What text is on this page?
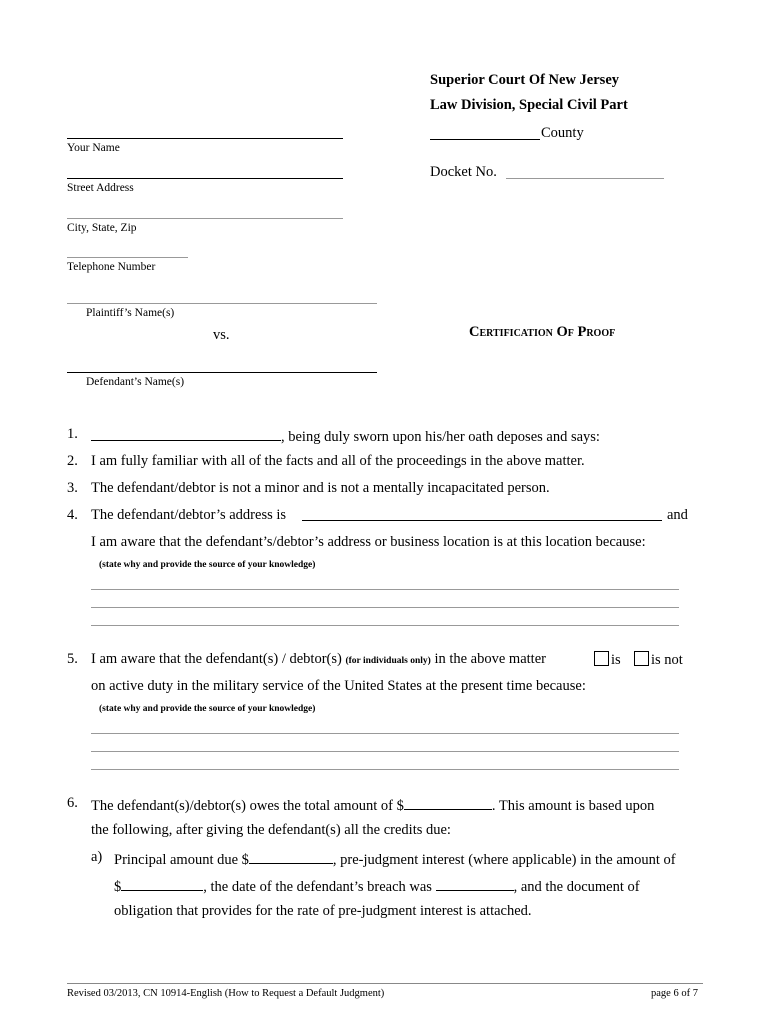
Superior Court Of New Jersey
Law Division, Special Civil Part
County
Docket No.
Your Name
Street Address
City, State, Zip
Telephone Number
Plaintiff’s Name(s)
vs.
Defendant’s Name(s)
Certification Of Proof
1.	, being duly sworn upon his/her oath deposes and says:
2. I am fully familiar with all of the facts and all of the proceedings in the above matter.
3. The defendant/debtor is not a minor and is not a mentally incapacitated person.
4. The defendant/debtor’s address is	and
I am aware that the defendant’s/debtor’s address or business location is at this location because:
(state why and provide the source of your knowledge)
5. I am aware that the defendant(s) / debtor(s) (for individuals only) in the above matter	is	is not
on active duty in the military service of the United States at the present time because:
(state why and provide the source of your knowledge)
6. The defendant(s)/debtor(s) owes the total amount of $	. This amount is based upon
the following, after giving the defendant(s) all the credits due:
a) Principal amount due $	, pre-judgment interest (where applicable) in the amount of
$	, the date of the defendant’s breach was	, and the document of
obligation that provides for the rate of pre-judgment interest is attached.
Revised 03/2013, CN 10914-English (How to Request a Default Judgment)	page 6 of 7
